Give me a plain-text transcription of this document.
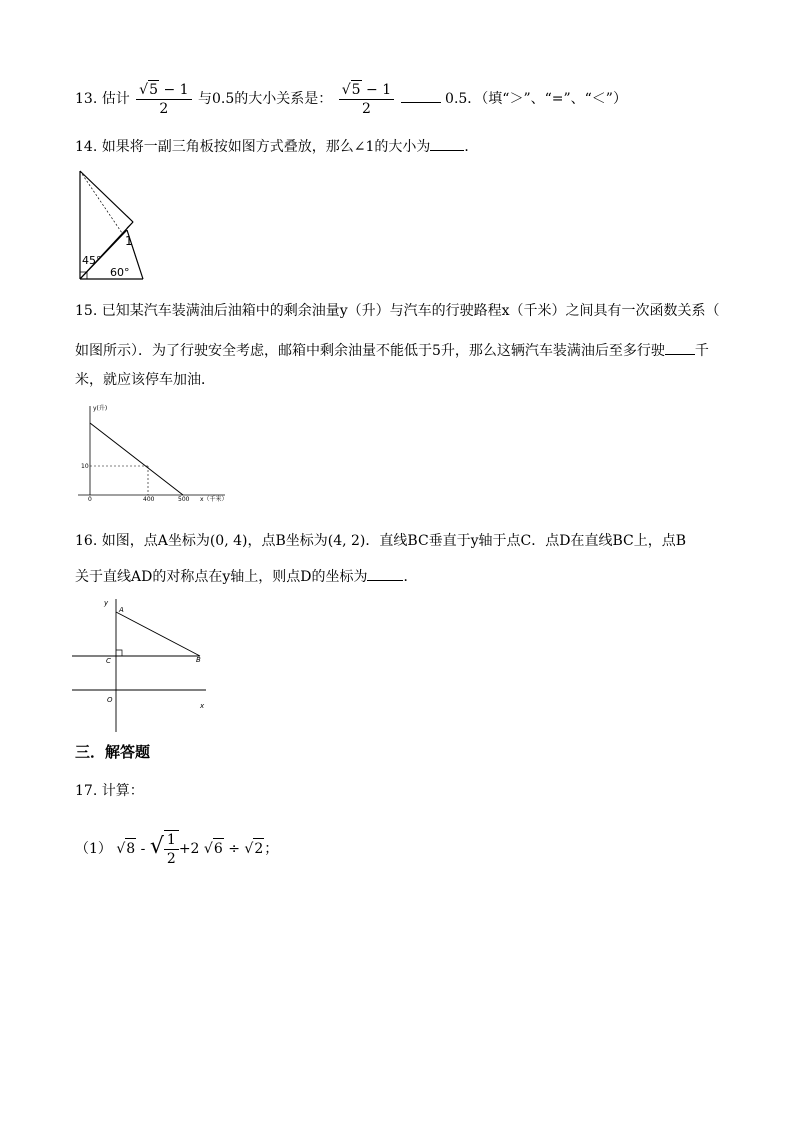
13. 估计 $\frac{√5 - 1}{2}$ 与0.5的大小关系是： $\frac{√5 - 1}{2}$	0.5．（填“＞”、“=”、“＜”）
14. 如果将一副三角板按如图方式叠放，那么∠1的大小为 ．
1
45°
60°
15. 已知某汽车装满油后油箱中的剩余油量y（升）与汽车的行驶路程x（千米）之间具有一次函数关系（
如图所示）．为了行驶安全考虑，邮箱中剩余油量不能低于5升，那么这辆汽车装满油后至多行驶 千
米，就应该停车加油．
y(升)
x（千米）
0
10
400	500
16. 如图，点A坐标为(0, 4)，点B坐标为(4, 2)．直线BC垂直于y轴于点C．点D在直线BC上，点B
关于直线AD的对称点在y轴上，则点D的坐标为	．
y
x
A
B
C
O
三．解答题
17. 计算：
（1） √8 - √ $\frac{1}{2} +2$ √6 ÷ √2；
